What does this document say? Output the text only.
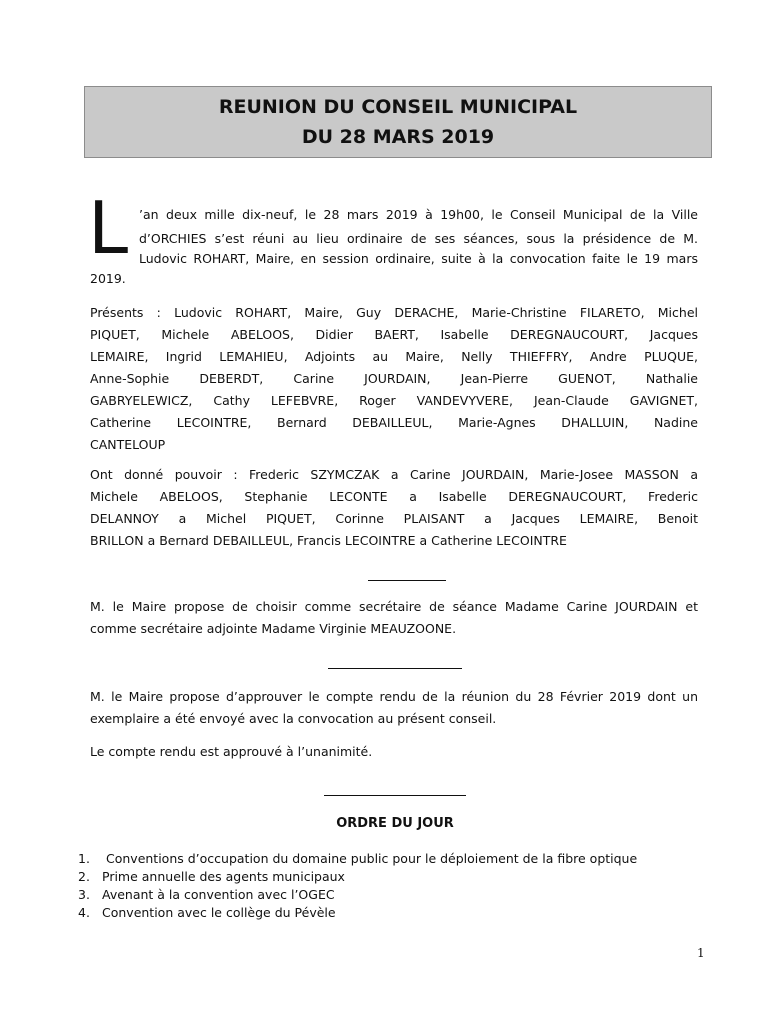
REUNION DU CONSEIL MUNICIPAL
DU 28 MARS 2019
L ’an deux mille dix-neuf, le 28 mars 2019 à 19h00, le Conseil Municipal de la Ville
d’ORCHIES s’est réuni au lieu ordinaire de ses séances, sous la présidence de M.
Ludovic ROHART, Maire, en session ordinaire, suite à la convocation faite le 19 mars
2019.
Présents : Ludovic ROHART, Maire, Guy DERACHE, Marie-Christine FILARETO, Michel
PIQUET, Michele ABELOOS, Didier BAERT, Isabelle DEREGNAUCOURT, Jacques
LEMAIRE, Ingrid LEMAHIEU, Adjoints au Maire, Nelly THIEFFRY, Andre PLUQUE,
Anne-Sophie DEBERDT, Carine JOURDAIN, Jean-Pierre GUENOT, Nathalie
GABRYELEWICZ, Cathy LEFEBVRE, Roger VANDEVYVERE, Jean-Claude GAVIGNET,
Catherine LECOINTRE, Bernard DEBAILLEUL, Marie-Agnes DHALLUIN, Nadine
CANTELOUP
Ont donné pouvoir : Frederic SZYMCZAK a Carine JOURDAIN, Marie-Josee MASSON a
Michele ABELOOS, Stephanie LECONTE a Isabelle DEREGNAUCOURT, Frederic
DELANNOY a Michel PIQUET, Corinne PLAISANT a Jacques LEMAIRE, Benoit
BRILLON a Bernard DEBAILLEUL, Francis LECOINTRE a Catherine LECOINTRE
M. le Maire propose de choisir comme secrétaire de séance Madame Carine JOURDAIN et
comme secrétaire adjointe Madame Virginie MEAUZOONE.
M. le Maire propose d’approuver le compte rendu de la réunion du 28 Février 2019 dont un
exemplaire a été envoyé avec la convocation au présent conseil.
Le compte rendu est approuvé à l’unanimité.
ORDRE DU JOUR
1. Conventions d’occupation du domaine public pour le déploiement de la fibre optique
2. Prime annuelle des agents municipaux
3. Avenant à la convention avec l’OGEC
4. Convention avec le collège du Pévèle
1
